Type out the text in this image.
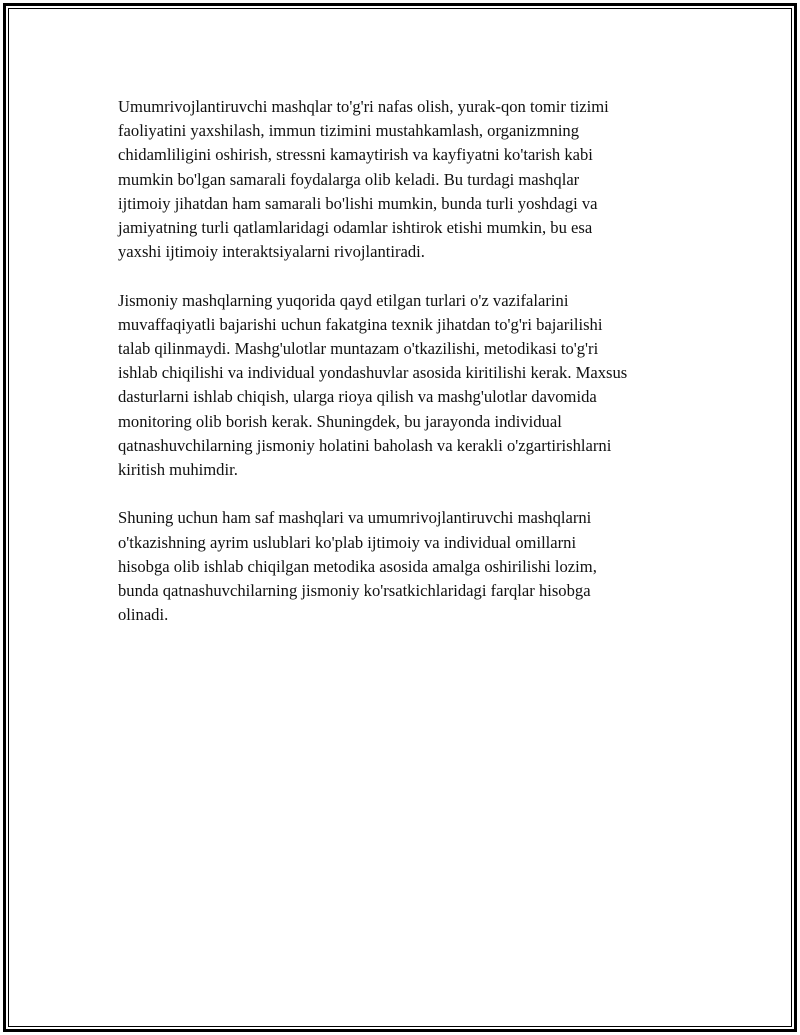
Umumrivojlantiruvchi mashqlar to'g'ri nafas olish, yurak-qon tomir tizimi
faoliyatini yaxshilash, immun tizimini mustahkamlash, organizmning
chidamliligini oshirish, stressni kamaytirish va kayfiyatni ko'tarish kabi
mumkin bo'lgan samarali foydalarga olib keladi. Bu turdagi mashqlar
ijtimoiy jihatdan ham samarali bo'lishi mumkin, bunda turli yoshdagi va
jamiyatning turli qatlamlaridagi odamlar ishtirok etishi mumkin, bu esa
yaxshi ijtimoiy interaktsiyalarni rivojlantiradi.

Jismoniy mashqlarning yuqorida qayd etilgan turlari o'z vazifalarini
muvaffaqiyatli bajarishi uchun fakatgina texnik jihatdan to'g'ri bajarilishi
talab qilinmaydi. Mashg'ulotlar muntazam o'tkazilishi, metodikasi to'g'ri
ishlab chiqilishi va individual yondashuvlar asosida kiritilishi kerak. Maxsus
dasturlarni ishlab chiqish, ularga rioya qilish va mashg'ulotlar davomida
monitoring olib borish kerak. Shuningdek, bu jarayonda individual
qatnashuvchilarning jismoniy holatini baholash va kerakli o'zgartirishlarni
kiritish muhimdir.

Shuning uchun ham saf mashqlari va umumrivojlantiruvchi mashqlarni
o'tkazishning ayrim uslublari ko'plab ijtimoiy va individual omillarni
hisobga olib ishlab chiqilgan metodika asosida amalga oshirilishi lozim,
bunda qatnashuvchilarning jismoniy ko'rsatkichlaridagi farqlar hisobga
olinadi.
